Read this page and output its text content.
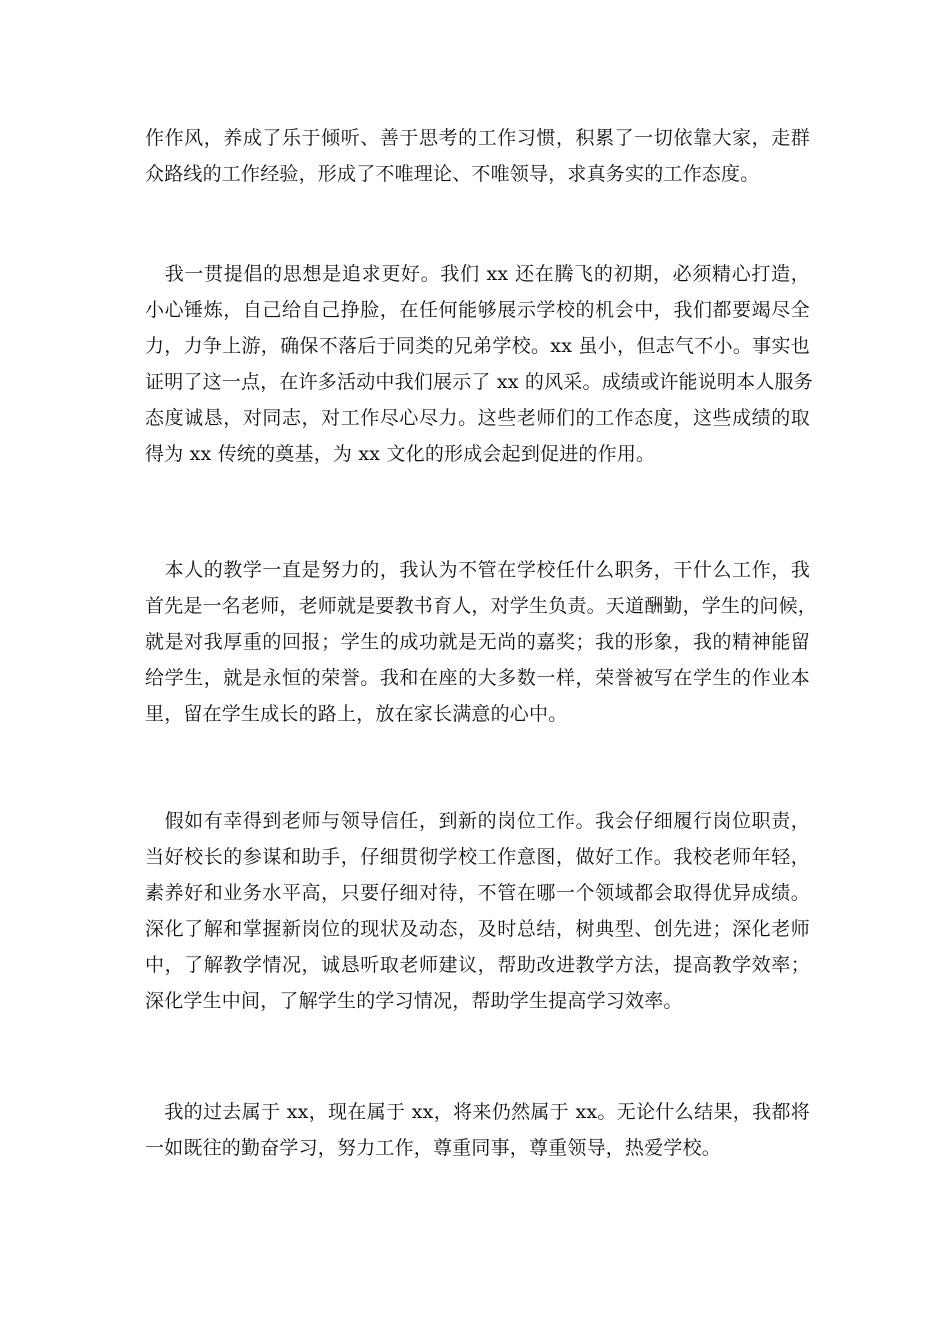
作作风，养成了乐于倾听、善于思考的工作习惯，积累了一切依靠大家，走群
众路线的工作经验，形成了不唯理论、不唯领导，求真务实的工作态度。
　我一贯提倡的思想是追求更好。我们 xx 还在腾飞的初期，必须精心打造，
小心锤炼，自己给自己挣脸，在任何能够展示学校的机会中，我们都要竭尽全
力，力争上游，确保不落后于同类的兄弟学校。xx 虽小，但志气不小。事实也
证明了这一点，在许多活动中我们展示了 xx 的风采。成绩或许能说明本人服务
态度诚恳，对同志，对工作尽心尽力。这些老师们的工作态度，这些成绩的取
得为 xx 传统的奠基，为 xx 文化的形成会起到促进的作用。
　本人的教学一直是努力的，我认为不管在学校任什么职务，干什么工作，我
首先是一名老师，老师就是要教书育人，对学生负责。天道酬勤，学生的问候，
就是对我厚重的回报；学生的成功就是无尚的嘉奖；我的形象，我的精神能留
给学生，就是永恒的荣誉。我和在座的大多数一样，荣誉被写在学生的作业本
里，留在学生成长的路上，放在家长满意的心中。
　假如有幸得到老师与领导信任，到新的岗位工作。我会仔细履行岗位职责，
当好校长的参谋和助手，仔细贯彻学校工作意图，做好工作。我校老师年轻，
素养好和业务水平高，只要仔细对待，不管在哪一个领域都会取得优异成绩。
深化了解和掌握新岗位的现状及动态，及时总结，树典型、创先进；深化老师
中，了解教学情况，诚恳听取老师建议，帮助改进教学方法，提高教学效率；
深化学生中间，了解学生的学习情况，帮助学生提高学习效率。
　我的过去属于 xx，现在属于 xx，将来仍然属于 xx。无论什么结果，我都将
一如既往的勤奋学习，努力工作，尊重同事，尊重领导，热爱学校。
